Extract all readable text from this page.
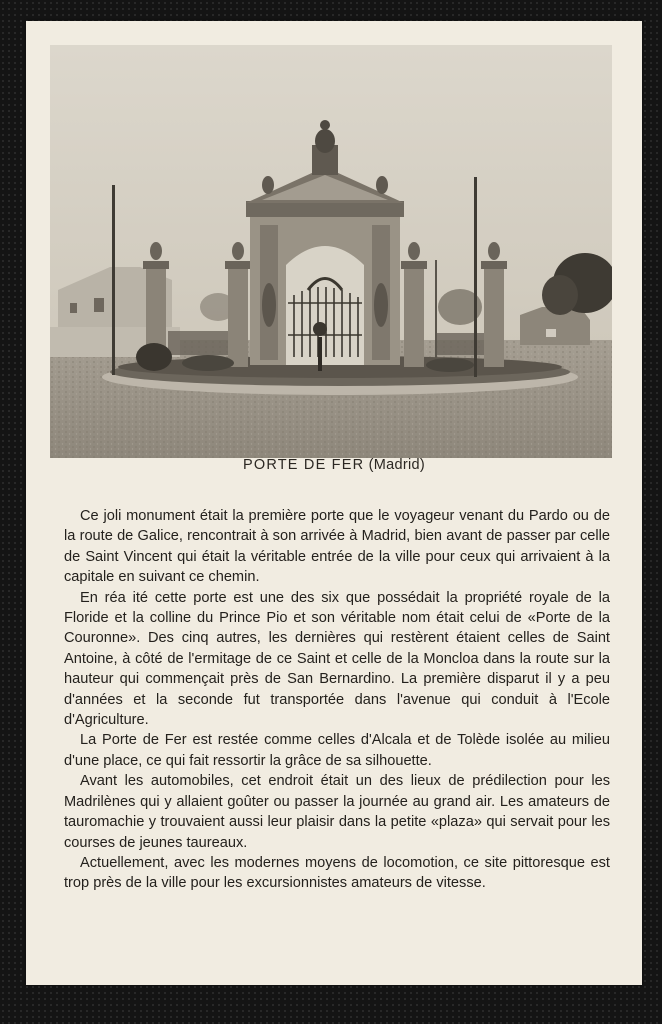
PORTE DE FER (Madrid)

Ce joli monument était la première porte que le voyageur venant du Pardo ou de la route de Galice, rencontrait à son arrivée à Madrid, bien avant de passer par celle de Saint Vincent qui était la véritable entrée de la ville pour ceux qui arrivaient à la capitale en suivant ce chemin.

En réa ité cette porte est une des six que possédait la propriété royale de la Floride et la colline du Prince Pio et son véritable nom était celui de «Porte de la Couronne». Des cinq autres, les dernières qui restèrent étaient celles de Saint Antoine, à côté de l'ermitage de ce Saint et celle de la Moncloa dans la route sur la hauteur qui commençait près de San Bernardino. La première disparut il y a peu d'années et la seconde fut transportée dans l'avenue qui conduit à l'Ecole d'Agriculture.

La Porte de Fer est restée comme celles d'Alcala et de Tolède isolée au milieu d'une place, ce qui fait ressortir la grâce de sa silhouette.

Avant les automobiles, cet endroit était un des lieux de prédilection pour les Madrilènes qui y allaient goûter ou passer la journée au grand air. Les amateurs de tauromachie y trouvaient aussi leur plaisir dans la petite «plaza» qui servait pour les courses de jeunes taureaux.

Actuellement, avec les modernes moyens de locomotion, ce site pittoresque est trop près de la ville pour les excursionnistes amateurs de vitesse.
